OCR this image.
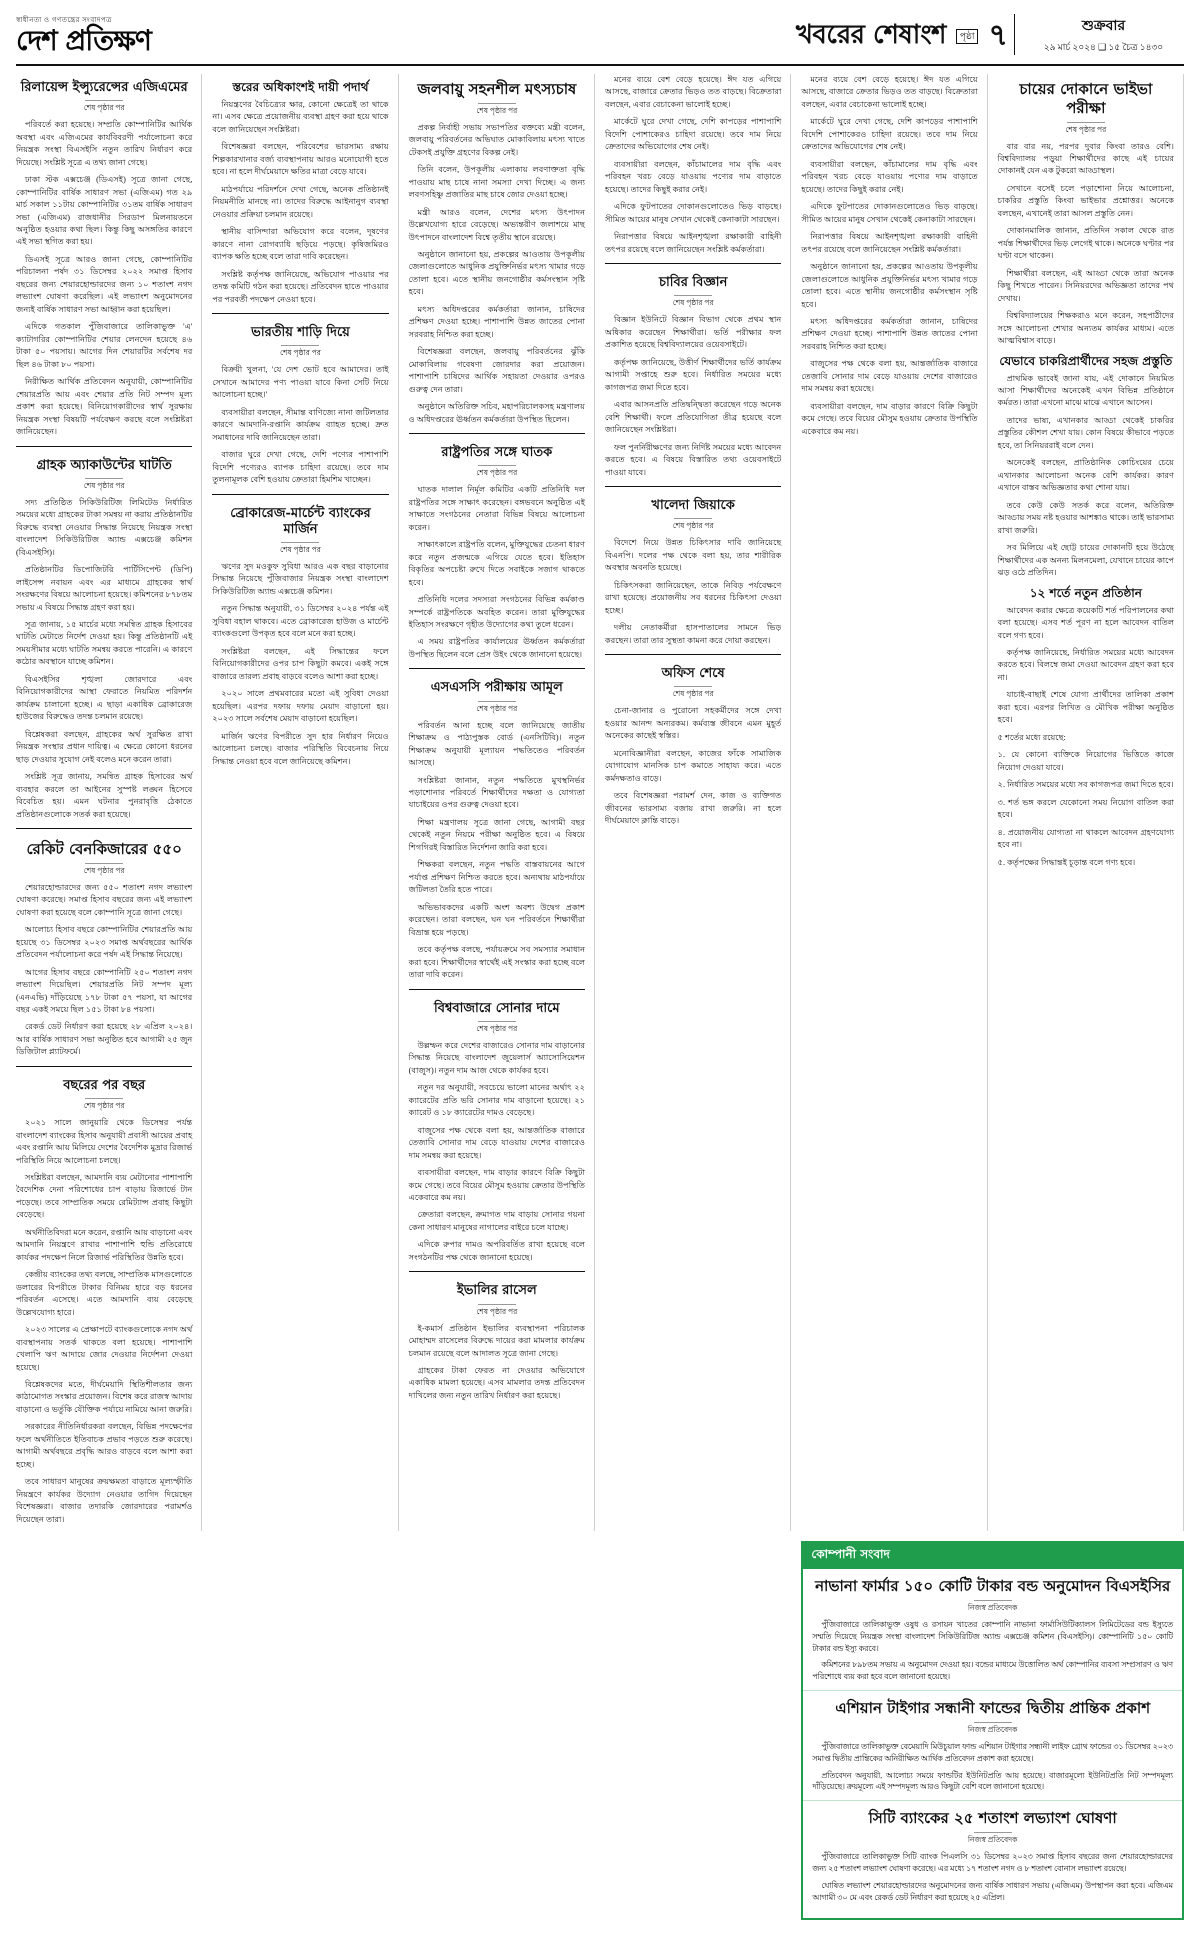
স্বাধীনতা ও গণতন্ত্রের সংবাদপত্র
দেশ প্রতিক্ষণ	খবরের শেষাংশ	পৃষ্ঠা ৭	শুক্রবার
২৯ মার্চ ২০২৪ ❑ ১৫ চৈত্র ১৪৩০
রিলায়েন্স ইন্স্যুরেন্সের এজিএমের
শেষ পৃষ্ঠার পর

পরিবর্তে করা হয়েছে। সম্প্রতি কোম্পানিটির আর্থিক অবস্থা এবং এজিএমের কার্যবিবরণী পর্যালোচনা করে নিয়ন্ত্রক সংস্থা বিএসইসি নতুন তারিখ নির্ধারণ করে দিয়েছে। সংশ্লিষ্ট সূত্রে এ তথ্য জানা গেছে।

ঢাকা স্টক এক্সচেঞ্জ (ডিএসই) সূত্রে জানা গেছে, কোম্পানিটির বার্ষিক সাধারণ সভা (এজিএম) গত ২৯ মার্চ সকাল ১১টায় কোম্পানিটির ৩১তম বার্ষিক সাধারণ সভা (এজিএম) রাজধানীর সিরডাপ মিলনায়তনে অনুষ্ঠিত হওয়ার কথা ছিল। কিন্তু কিছু অসঙ্গতির কারণে এই সভা স্থগিত করা হয়।

ডিএসই সূত্রে আরও জানা গেছে, কোম্পানিটির পরিচালনা পর্ষদ ৩১ ডিসেম্বর ২০২২ সমাপ্ত হিসাব বছরের জন্য শেয়ারহোল্ডারদের জন্য ১০ শতাংশ নগদ লভ্যাংশ ঘোষণা করেছিল। এই লভ্যাংশ অনুমোদনের জন্যই বার্ষিক সাধারণ সভা আহ্বান করা হয়েছিল।

এদিকে গতকাল পুঁজিবাজারে তালিকাভুক্ত 'এ' ক্যাটাগরির কোম্পানিটির শেয়ার লেনদেন হয়েছে ৪৬ টাকা ৫০ পয়সায়। আগের দিন শেয়ারটির সর্বশেষ দর ছিল ৪৬ টাকা ৮০ পয়সা।

নিরীক্ষিত আর্থিক প্রতিবেদন অনুযায়ী, কোম্পানিটির শেয়ারপ্রতি আয় এবং শেয়ার প্রতি নিট সম্পদ মূল্য প্রকাশ করা হয়েছে। বিনিয়োগকারীদের স্বার্থ সুরক্ষায় নিয়ন্ত্রক সংস্থা বিষয়টি পর্যবেক্ষণ করছে বলে সংশ্লিষ্টরা জানিয়েছেন।

গ্রাহক অ্যাকাউন্টের ঘাটতি
শেষ পৃষ্ঠার পর

সদ্য প্রতিষ্ঠিত সিকিউরিটিজ লিমিটেড নির্ধারিত সময়ের মধ্যে গ্রাহকের টাকা সমন্বয় না করায় প্রতিষ্ঠানটির বিরুদ্ধে ব্যবস্থা নেওয়ার সিদ্ধান্ত নিয়েছে নিয়ন্ত্রক সংস্থা বাংলাদেশ সিকিউরিটিজ অ্যান্ড এক্সচেঞ্জ কমিশন (বিএসইসি)।

প্রতিষ্ঠানটির ডিপোজিটরি পার্টিসিপেন্ট (ডিপি) লাইসেন্স নবায়ন এবং এর মাধ্যমে গ্রাহকের স্বার্থ সংরক্ষণের বিষয়ে আলোচনা হয়েছে। কমিশনের ৮৭৮তম সভায় এ বিষয়ে সিদ্ধান্ত গ্রহণ করা হয়।

সূত্র জানায়, ১৫ মার্চের মধ্যে সমন্বিত গ্রাহক হিসাবের ঘাটতি মেটাতে নির্দেশ দেওয়া হয়। কিন্তু প্রতিষ্ঠানটি এই সময়সীমার মধ্যে ঘাটতি সমন্বয় করতে পারেনি। এ কারণে কঠোর অবস্থানে যাচ্ছে কমিশন।

বিএসইসির শৃঙ্খলা জোরদারে এবং বিনিয়োগকারীদের আস্থা ফেরাতে নিয়মিত পরিদর্শন কার্যক্রম চালানো হচ্ছে। এ ছাড়া একাধিক ব্রোকারেজ হাউজের বিরুদ্ধেও তদন্ত চলমান রয়েছে।

বিশ্লেষকরা বলছেন, গ্রাহকের অর্থ সুরক্ষিত রাখা নিয়ন্ত্রক সংস্থার প্রধান দায়িত্ব। এ ক্ষেত্রে কোনো ধরনের ছাড় দেওয়ার সুযোগ নেই বলেও মনে করেন তারা।

সংশ্লিষ্ট সূত্র জানায়, সমন্বিত গ্রাহক হিসাবের অর্থ ব্যবহার করলে তা আইনের সুস্পষ্ট লঙ্ঘন হিসেবে বিবেচিত হয়। এমন ঘটনার পুনরাবৃত্তি ঠেকাতে প্রতিষ্ঠানগুলোকে সতর্ক করা হয়েছে।

রেকিট বেনকিজারের ৫৫০
শেষ পৃষ্ঠার পর

শেয়ারহোল্ডারদের জন্য ৫৫০ শতাংশ নগদ লভ্যাংশ ঘোষণা করেছে। সমাপ্ত হিসাব বছরের জন্য এই লভ্যাংশ ঘোষণা করা হয়েছে বলে কোম্পানি সূত্রে জানা গেছে।

আলোচ্য হিসাব বছরে কোম্পানিটির শেয়ারপ্রতি আয় হয়েছে ৩১ ডিসেম্বর ২০২৩ সমাপ্ত অর্থবছরের আর্থিক প্রতিবেদন পর্যালোচনা করে পর্ষদ এই সিদ্ধান্ত নিয়েছে।

আগের হিসাব বছরে কোম্পানিটি ২৫০ শতাংশ নগদ লভ্যাংশ দিয়েছিল। শেয়ারপ্রতি নিট সম্পদ মূল্য (এনএভি) দাঁড়িয়েছে ১৭৮ টাকা ৫৭ পয়সা, যা আগের বছর একই সময়ে ছিল ১৫১ টাকা ৮৪ পয়সা।

রেকর্ড ডেট নির্ধারণ করা হয়েছে ২৮ এপ্রিল ২০২৪। আর বার্ষিক সাধারণ সভা অনুষ্ঠিত হবে আগামী ২৫ জুন ডিজিটাল প্ল্যাটফর্মে।

বছরের পর বছর
শেষ পৃষ্ঠার পর

২০২১ সালে জানুয়ারি থেকে ডিসেম্বর পর্যন্ত বাংলাদেশ ব্যাংকের হিসাব অনুযায়ী প্রবাসী আয়ের প্রবাহ এবং রপ্তানি আয় মিলিয়ে দেশের বৈদেশিক মুদ্রার রিজার্ভ পরিস্থিতি নিয়ে আলোচনা চলছে।

সংশ্লিষ্টরা বলছেন, আমদানি ব্যয় মেটানোর পাশাপাশি বৈদেশিক দেনা পরিশোধের চাপ বাড়ায় রিজার্ভে টান পড়েছে। তবে সাম্প্রতিক সময়ে রেমিট্যান্স প্রবাহ কিছুটা বেড়েছে।

অর্থনীতিবিদরা মনে করেন, রপ্তানি আয় বাড়ানো এবং আমদানি নিয়ন্ত্রণে রাখার পাশাপাশি হুন্ডি প্রতিরোধে কার্যকর পদক্ষেপ নিলে রিজার্ভ পরিস্থিতির উন্নতি হবে।

কেন্দ্রীয় ব্যাংকের তথ্য বলছে, সাম্প্রতিক মাসগুলোতে ডলারের বিপরীতে টাকার বিনিময় হারে বড় ধরনের পরিবর্তন এসেছে। এতে আমদানি ব্যয় বেড়েছে উল্লেখযোগ্য হারে।

২০২৩ সালের এ প্রেক্ষাপটে ব্যাংকগুলোকে নগদ অর্থ ব্যবস্থাপনায় সতর্ক থাকতে বলা হয়েছে। পাশাপাশি খেলাপি ঋণ আদায়ে জোর দেওয়ার নির্দেশনা দেওয়া হয়েছে।

বিশ্লেষকদের মতে, দীর্ঘমেয়াদি স্থিতিশীলতার জন্য কাঠামোগত সংস্কার প্রয়োজন। বিশেষ করে রাজস্ব আদায় বাড়ানো ও ভর্তুকি যৌক্তিক পর্যায়ে নামিয়ে আনা জরুরি।

সরকারের নীতিনির্ধারকরা বলছেন, বিভিন্ন পদক্ষেপের ফলে অর্থনীতিতে ইতিবাচক প্রভাব পড়তে শুরু করেছে। আগামী অর্থবছরে প্রবৃদ্ধি আরও বাড়বে বলে আশা করা হচ্ছে।

তবে সাধারণ মানুষের ক্রয়ক্ষমতা বাড়াতে মূল্যস্ফীতি নিয়ন্ত্রণে কার্যকর উদ্যোগ নেওয়ার তাগিদ দিয়েছেন বিশেষজ্ঞরা। বাজার তদারকি জোরদারের পরামর্শও দিয়েছেন তারা।

স্তরের অধিকাংশই দায়ী পদার্থ

নিয়ন্ত্রণের বৈচিত্র্যের ক্ষার, কোনো ক্ষেত্রেই তা থাকে না। এসব ক্ষেত্রে প্রয়োজনীয় ব্যবস্থা গ্রহণ করা হয়ে থাকে বলে জানিয়েছেন সংশ্লিষ্টরা।

বিশেষজ্ঞরা বলছেন, পরিবেশের ভারসাম্য রক্ষায় শিল্পকারখানার বর্জ্য ব্যবস্থাপনায় আরও মনোযোগী হতে হবে। না হলে দীর্ঘমেয়াদে ক্ষতির মাত্রা বেড়ে যাবে।

মাঠপর্যায়ে পরিদর্শনে দেখা গেছে, অনেক প্রতিষ্ঠানই নিয়মনীতি মানছে না। তাদের বিরুদ্ধে আইনানুগ ব্যবস্থা নেওয়ার প্রক্রিয়া চলমান রয়েছে।

স্থানীয় বাসিন্দারা অভিযোগ করে বলেন, দূষণের কারণে নানা রোগব্যাধি ছড়িয়ে পড়ছে। কৃষিজমিরও ব্যাপক ক্ষতি হচ্ছে বলে তারা দাবি করেছেন।

সংশ্লিষ্ট কর্তৃপক্ষ জানিয়েছে, অভিযোগ পাওয়ার পর তদন্ত কমিটি গঠন করা হয়েছে। প্রতিবেদন হাতে পাওয়ার পর পরবর্তী পদক্ষেপ নেওয়া হবে।

ভারতীয় শাড়ি দিয়ে
শেষ পৃষ্ঠার পর

বিক্রয়ী খুলনা, 'যে দেশ ভোট হবে আমাদের। তাই সেখানে আমাদের পণ্য পাওয়া যাবে কিনা সেটি নিয়ে আলোচনা হচ্ছে।'

ব্যবসায়ীরা বলছেন, সীমান্ত বাণিজ্যে নানা জটিলতার কারণে আমদানি-রপ্তানি কার্যক্রম ব্যাহত হচ্ছে। দ্রুত সমাধানের দাবি জানিয়েছেন তারা।

বাজার ঘুরে দেখা গেছে, দেশি পণ্যের পাশাপাশি বিদেশি পণ্যেরও ব্যাপক চাহিদা রয়েছে। তবে দাম তুলনামূলক বেশি হওয়ায় ক্রেতারা হিমশিম খাচ্ছেন।

ব্রোকারেজ-মার্চেন্ট ব্যাংকের মার্জিন
শেষ পৃষ্ঠার পর

ঋণের সুদ মওকুফ সুবিধা আরও এক বছর বাড়ানোর সিদ্ধান্ত নিয়েছে পুঁজিবাজার নিয়ন্ত্রক সংস্থা বাংলাদেশ সিকিউরিটিজ অ্যান্ড এক্সচেঞ্জ কমিশন।

নতুন সিদ্ধান্ত অনুযায়ী, ৩১ ডিসেম্বর ২০২৪ পর্যন্ত এই সুবিধা বহাল থাকবে। এতে ব্রোকারেজ হাউজ ও মার্চেন্ট ব্যাংকগুলো উপকৃত হবে বলে মনে করা হচ্ছে।

সংশ্লিষ্টরা বলছেন, এই সিদ্ধান্তের ফলে বিনিয়োগকারীদের ওপর চাপ কিছুটা কমবে। একই সঙ্গে বাজারে তারল্য প্রবাহ বাড়বে বলেও আশা করা হচ্ছে।

২০২০ সালে প্রথমবারের মতো এই সুবিধা দেওয়া হয়েছিল। এরপর দফায় দফায় মেয়াদ বাড়ানো হয়। ২০২৩ সালে সর্বশেষ মেয়াদ বাড়ানো হয়েছিল।

মার্জিন ঋণের বিপরীতে সুদ হার নির্ধারণ নিয়েও আলোচনা চলছে। বাজার পরিস্থিতি বিবেচনায় নিয়ে সিদ্ধান্ত নেওয়া হবে বলে জানিয়েছে কমিশন।

জলবায়ু সহনশীল মৎস্যচাষ
শেষ পৃষ্ঠার পর

প্রকল্প নির্বাহী সভায় সভাপতির বক্তব্যে মন্ত্রী বলেন, জলবায়ু পরিবর্তনের অভিঘাত মোকাবিলায় মৎস্য খাতে টেকসই প্রযুক্তি গ্রহণের বিকল্প নেই।

তিনি বলেন, উপকূলীয় এলাকায় লবণাক্ততা বৃদ্ধি পাওয়ায় মাছ চাষে নানা সমস্যা দেখা দিচ্ছে। এ জন্য লবণসহিষ্ণু প্রজাতির মাছ চাষে জোর দেওয়া হচ্ছে।

মন্ত্রী আরও বলেন, দেশের মৎস্য উৎপাদন উল্লেখযোগ্য হারে বেড়েছে। অভ্যন্তরীণ জলাশয়ে মাছ উৎপাদনে বাংলাদেশ বিশ্বে তৃতীয় স্থানে রয়েছে।

অনুষ্ঠানে জানানো হয়, প্রকল্পের আওতায় উপকূলীয় জেলাগুলোতে আধুনিক প্রযুক্তিনির্ভর মৎস্য খামার গড়ে তোলা হবে। এতে স্থানীয় জনগোষ্ঠীর কর্মসংস্থান সৃষ্টি হবে।

মৎস্য অধিদপ্তরের কর্মকর্তারা জানান, চাষিদের প্রশিক্ষণ দেওয়া হচ্ছে। পাশাপাশি উন্নত জাতের পোনা সরবরাহ নিশ্চিত করা হচ্ছে।

বিশেষজ্ঞরা বলছেন, জলবায়ু পরিবর্তনের ঝুঁকি মোকাবিলায় গবেষণা জোরদার করা প্রয়োজন। পাশাপাশি চাষিদের আর্থিক সহায়তা দেওয়ার ওপরও গুরুত্ব দেন তারা।

অনুষ্ঠানে অতিরিক্ত সচিব, মহাপরিচালকসহ মন্ত্রণালয় ও অধিদপ্তরের ঊর্ধ্বতন কর্মকর্তারা উপস্থিত ছিলেন।

রাষ্ট্রপতির সঙ্গে ঘাতক
শেষ পৃষ্ঠার পর

ঘাতক দালাল নির্মূল কমিটির একটি প্রতিনিধি দল রাষ্ট্রপতির সঙ্গে সাক্ষাৎ করেছেন। বঙ্গভবনে অনুষ্ঠিত এই সাক্ষাতে সংগঠনের নেতারা বিভিন্ন বিষয়ে আলোচনা করেন।

সাক্ষাৎকালে রাষ্ট্রপতি বলেন, মুক্তিযুদ্ধের চেতনা ধারণ করে নতুন প্রজন্মকে এগিয়ে যেতে হবে। ইতিহাস বিকৃতির অপচেষ্টা রুখে দিতে সবাইকে সজাগ থাকতে হবে।

প্রতিনিধি দলের সদস্যরা সংগঠনের বিভিন্ন কর্মকাণ্ড সম্পর্কে রাষ্ট্রপতিকে অবহিত করেন। তারা মুক্তিযুদ্ধের ইতিহাস সংরক্ষণে গৃহীত উদ্যোগের কথা তুলে ধরেন।

এ সময় রাষ্ট্রপতির কার্যালয়ের ঊর্ধ্বতন কর্মকর্তারা উপস্থিত ছিলেন বলে প্রেস উইং থেকে জানানো হয়েছে।

এসএসসি পরীক্ষায় আমূল
শেষ পৃষ্ঠার পর

পরিবর্তন আনা হচ্ছে বলে জানিয়েছে জাতীয় শিক্ষাক্রম ও পাঠ্যপুস্তক বোর্ড (এনসিটিবি)। নতুন শিক্ষাক্রম অনুযায়ী মূল্যায়ন পদ্ধতিতেও পরিবর্তন আসছে।

সংশ্লিষ্টরা জানান, নতুন পদ্ধতিতে মুখস্থনির্ভর পড়াশোনার পরিবর্তে শিক্ষার্থীদের দক্ষতা ও যোগ্যতা যাচাইয়ের ওপর গুরুত্ব দেওয়া হবে।

শিক্ষা মন্ত্রণালয় সূত্রে জানা গেছে, আগামী বছর থেকেই নতুন নিয়মে পরীক্ষা অনুষ্ঠিত হবে। এ বিষয়ে শিগগিরই বিস্তারিত নির্দেশনা জারি করা হবে।

শিক্ষকরা বলছেন, নতুন পদ্ধতি বাস্তবায়নের আগে পর্যাপ্ত প্রশিক্ষণ নিশ্চিত করতে হবে। অন্যথায় মাঠপর্যায়ে জটিলতা তৈরি হতে পারে।

অভিভাবকদের একটি অংশ অবশ্য উদ্বেগ প্রকাশ করেছেন। তারা বলছেন, ঘন ঘন পরিবর্তনে শিক্ষার্থীরা বিভ্রান্ত হয়ে পড়ছে।

তবে কর্তৃপক্ষ বলছে, পর্যায়ক্রমে সব সমস্যার সমাধান করা হবে। শিক্ষার্থীদের স্বার্থেই এই সংস্কার করা হচ্ছে বলে তারা দাবি করেন।

বিশ্ববাজারে সোনার দামে
শেষ পৃষ্ঠার পর

উল্লম্ফন করে দেশের বাজারেও সোনার দাম বাড়ানোর সিদ্ধান্ত নিয়েছে বাংলাদেশ জুয়েলার্স অ্যাসোসিয়েশন (বাজুস)। নতুন দাম আজ থেকে কার্যকর হবে।

নতুন দর অনুযায়ী, সবচেয়ে ভালো মানের অর্থাৎ ২২ ক্যারেটের প্রতি ভরি সোনার দাম বাড়ানো হয়েছে। ২১ ক্যারেট ও ১৮ ক্যারেটের দামও বেড়েছে।

বাজুসের পক্ষ থেকে বলা হয়, আন্তর্জাতিক বাজারে তেজাবি সোনার দাম বেড়ে যাওয়ায় দেশের বাজারেও দাম সমন্বয় করা হয়েছে।

ব্যবসায়ীরা বলছেন, দাম বাড়ার কারণে বিক্রি কিছুটা কমে গেছে। তবে বিয়ের মৌসুম হওয়ায় ক্রেতার উপস্থিতি একেবারে কম নয়।

ক্রেতারা বলছেন, ক্রমাগত দাম বাড়ায় সোনার গয়না কেনা সাধারণ মানুষের নাগালের বাইরে চলে যাচ্ছে।

এদিকে রুপার দামও অপরিবর্তিত রাখা হয়েছে বলে সংগঠনটির পক্ষ থেকে জানানো হয়েছে।

ইভালির রাসেল
শেষ পৃষ্ঠার পর

ই-কমার্স প্রতিষ্ঠান ইভালির ব্যবস্থাপনা পরিচালক মোহাম্মদ রাসেলের বিরুদ্ধে দায়ের করা মামলার কার্যক্রম চলমান রয়েছে বলে আদালত সূত্রে জানা গেছে।

গ্রাহকের টাকা ফেরত না দেওয়ার অভিযোগে একাধিক মামলা হয়েছে। এসব মামলার তদন্ত প্রতিবেদন দাখিলের জন্য নতুন তারিখ নির্ধারণ করা হয়েছে।

মনের ব্যয়ে বেশ বেড়ে হয়েছে। ঈদ যত এগিয়ে আসছে, বাজারে ক্রেতার ভিড়ও তত বাড়ছে। বিক্রেতারা বলছেন, এবার বেচাকেনা ভালোই হচ্ছে।

মার্কেটে ঘুরে দেখা গেছে, দেশি কাপড়ের পাশাপাশি বিদেশি পোশাকেরও চাহিদা রয়েছে। তবে দাম নিয়ে ক্রেতাদের অভিযোগের শেষ নেই।

ব্যবসায়ীরা বলছেন, কাঁচামালের দাম বৃদ্ধি এবং পরিবহন খরচ বেড়ে যাওয়ায় পণ্যের দাম বাড়াতে হয়েছে। তাদের কিছুই করার নেই।

এদিকে ফুটপাতের দোকানগুলোতেও ভিড় বাড়ছে। সীমিত আয়ের মানুষ সেখান থেকেই কেনাকাটা সারছেন।

নিরাপত্তার বিষয়ে আইনশৃঙ্খলা রক্ষাকারী বাহিনী তৎপর রয়েছে বলে জানিয়েছেন সংশ্লিষ্ট কর্মকর্তারা।

চাবির বিজ্ঞান
শেষ পৃষ্ঠার পর

বিজ্ঞান ইউনিটে বিজ্ঞান বিভাগ থেকে প্রথম স্থান অধিকার করেছেন শিক্ষার্থীরা। ভর্তি পরীক্ষার ফল প্রকাশিত হয়েছে বিশ্ববিদ্যালয়ের ওয়েবসাইটে।

কর্তৃপক্ষ জানিয়েছে, উত্তীর্ণ শিক্ষার্থীদের ভর্তি কার্যক্রম আগামী সপ্তাহে শুরু হবে। নির্ধারিত সময়ের মধ্যে কাগজপত্র জমা দিতে হবে।

এবার আসনপ্রতি প্রতিদ্বন্দ্বিতা করেছেন গড়ে অনেক বেশি শিক্ষার্থী। ফলে প্রতিযোগিতা তীব্র হয়েছে বলে জানিয়েছেন সংশ্লিষ্টরা।

ফল পুনর্নিরীক্ষণের জন্য নির্দিষ্ট সময়ের মধ্যে আবেদন করতে হবে। এ বিষয়ে বিস্তারিত তথ্য ওয়েবসাইটে পাওয়া যাবে।

খালেদা জিয়াকে
শেষ পৃষ্ঠার পর

বিদেশে নিয়ে উন্নত চিকিৎসার দাবি জানিয়েছে বিএনপি। দলের পক্ষ থেকে বলা হয়, তার শারীরিক অবস্থার অবনতি হয়েছে।

চিকিৎসকরা জানিয়েছেন, তাকে নিবিড় পর্যবেক্ষণে রাখা হয়েছে। প্রয়োজনীয় সব ধরনের চিকিৎসা দেওয়া হচ্ছে।

দলীয় নেতাকর্মীরা হাসপাতালের সামনে ভিড় করছেন। তারা তার সুস্থতা কামনা করে দোয়া করছেন।

অফিস শেষে
শেষ পৃষ্ঠার পর

চেনা-জানার ও পুরোনো সহকর্মীদের সঙ্গে দেখা হওয়ার আনন্দ অন্যরকম। কর্মব্যস্ত জীবনে এমন মুহূর্ত অনেকের কাছেই স্বস্তির।

মনোবিজ্ঞানীরা বলছেন, কাজের ফাঁকে সামাজিক যোগাযোগ মানসিক চাপ কমাতে সাহায্য করে। এতে কর্মদক্ষতাও বাড়ে।

তবে বিশেষজ্ঞরা পরামর্শ দেন, কাজ ও ব্যক্তিগত জীবনের ভারসাম্য বজায় রাখা জরুরি। না হলে দীর্ঘমেয়াদে ক্লান্তি বাড়ে।

মনের ব্যয়ে বেশ বেড়ে হয়েছে। ঈদ যত এগিয়ে আসছে, বাজারে ক্রেতার ভিড়ও তত বাড়ছে। বিক্রেতারা বলছেন, এবার বেচাকেনা ভালোই হচ্ছে।

মার্কেটে ঘুরে দেখা গেছে, দেশি কাপড়ের পাশাপাশি বিদেশি পোশাকেরও চাহিদা রয়েছে। তবে দাম নিয়ে ক্রেতাদের অভিযোগের শেষ নেই।

ব্যবসায়ীরা বলছেন, কাঁচামালের দাম বৃদ্ধি এবং পরিবহন খরচ বেড়ে যাওয়ায় পণ্যের দাম বাড়াতে হয়েছে। তাদের কিছুই করার নেই।

এদিকে ফুটপাতের দোকানগুলোতেও ভিড় বাড়ছে। সীমিত আয়ের মানুষ সেখান থেকেই কেনাকাটা সারছেন।

নিরাপত্তার বিষয়ে আইনশৃঙ্খলা রক্ষাকারী বাহিনী তৎপর রয়েছে বলে জানিয়েছেন সংশ্লিষ্ট কর্মকর্তারা।

অনুষ্ঠানে জানানো হয়, প্রকল্পের আওতায় উপকূলীয় জেলাগুলোতে আধুনিক প্রযুক্তিনির্ভর মৎস্য খামার গড়ে তোলা হবে। এতে স্থানীয় জনগোষ্ঠীর কর্মসংস্থান সৃষ্টি হবে।

মৎস্য অধিদপ্তরের কর্মকর্তারা জানান, চাষিদের প্রশিক্ষণ দেওয়া হচ্ছে। পাশাপাশি উন্নত জাতের পোনা সরবরাহ নিশ্চিত করা হচ্ছে।

বাজুসের পক্ষ থেকে বলা হয়, আন্তর্জাতিক বাজারে তেজাবি সোনার দাম বেড়ে যাওয়ায় দেশের বাজারেও দাম সমন্বয় করা হয়েছে।

ব্যবসায়ীরা বলছেন, দাম বাড়ার কারণে বিক্রি কিছুটা কমে গেছে। তবে বিয়ের মৌসুম হওয়ায় ক্রেতার উপস্থিতি একেবারে কম নয়।

চায়ের দোকানে ভাইভা পরীক্ষা
শেষ পৃষ্ঠার পর

বার বার নয়, পরপর দুবার কিংবা তারও বেশি। বিশ্ববিদ্যালয় পড়ুয়া শিক্ষার্থীদের কাছে এই চায়ের দোকানই যেন এক টুকরো আড্ডাস্থল।

সেখানে বসেই চলে পড়াশোনা নিয়ে আলোচনা, চাকরির প্রস্তুতি কিংবা ভাইভার প্রশ্নোত্তর। অনেকে বলছেন, এখানেই তারা আসল প্রস্তুতি নেন।

দোকানমালিক জানান, প্রতিদিন সকাল থেকে রাত পর্যন্ত শিক্ষার্থীদের ভিড় লেগেই থাকে। অনেকে ঘণ্টার পর ঘণ্টা বসে থাকেন।

শিক্ষার্থীরা বলছেন, এই আড্ডা থেকে তারা অনেক কিছু শিখতে পারেন। সিনিয়রদের অভিজ্ঞতা তাদের পথ দেখায়।

বিশ্ববিদ্যালয়ের শিক্ষকরাও মনে করেন, সহপাঠীদের সঙ্গে আলোচনা শেখার অন্যতম কার্যকর মাধ্যম। এতে আত্মবিশ্বাস বাড়ে।

যেভাবে চাকরিপ্রার্থীদের সহজ প্রস্তুতি

প্রাথমিক ভাবেই জানা যায়, এই দোকানে নিয়মিত আসা শিক্ষার্থীদের অনেকেই এখন বিভিন্ন প্রতিষ্ঠানে কর্মরত। তারা এখনো মাঝে মাঝে এখানে আসেন।

তাদের ভাষ্য, এখানকার আড্ডা থেকেই চাকরির প্রস্তুতির কৌশল শেখা যায়। কোন বিষয়ে কীভাবে পড়তে হবে, তা সিনিয়ররাই বলে দেন।

অনেকেই বলছেন, প্রাতিষ্ঠানিক কোচিংয়ের চেয়ে এখানকার আলোচনা অনেক বেশি কার্যকর। কারণ এখানে বাস্তব অভিজ্ঞতার কথা শোনা যায়।

তবে কেউ কেউ সতর্ক করে বলেন, অতিরিক্ত আড্ডায় সময় নষ্ট হওয়ার আশঙ্কাও থাকে। তাই ভারসাম্য রাখা জরুরি।

সব মিলিয়ে এই ছোট্ট চায়ের দোকানটি হয়ে উঠেছে শিক্ষার্থীদের এক অনন্য মিলনমেলা, যেখানে চায়ের কাপে ঝড় ওঠে প্রতিদিন।

১২ শর্তে নতুন প্রতিষ্ঠান

আবেদন করার ক্ষেত্রে কয়েকটি শর্ত পরিপালনের কথা বলা হয়েছে। এসব শর্ত পূরণ না হলে আবেদন বাতিল বলে গণ্য হবে।

কর্তৃপক্ষ জানিয়েছে, নির্ধারিত সময়ের মধ্যে আবেদন করতে হবে। বিলম্বে জমা দেওয়া আবেদন গ্রহণ করা হবে না।

যাচাই-বাছাই শেষে যোগ্য প্রার্থীদের তালিকা প্রকাশ করা হবে। এরপর লিখিত ও মৌখিক পরীক্ষা অনুষ্ঠিত হবে।

৫ শর্তের মধ্যে রয়েছে:

১. যে কোনো ব্যক্তিকে নিয়োগের ভিত্তিতে কাজে নিয়োগ দেওয়া যাবে।

২. নির্ধারিত সময়ের মধ্যে সব কাগজপত্র জমা দিতে হবে।

৩. শর্ত ভঙ্গ করলে যেকোনো সময় নিয়োগ বাতিল করা হবে।

৪. প্রয়োজনীয় যোগ্যতা না থাকলে আবেদন গ্রহণযোগ্য হবে না।

৫. কর্তৃপক্ষের সিদ্ধান্তই চূড়ান্ত বলে গণ্য হবে।

কোম্পানী সংবাদ
নাভানা ফার্মার ১৫০ কোটি টাকার বন্ড অনুমোদন বিএসইসির
নিজস্ব প্রতিবেদক

পুঁজিবাজারে তালিকাভুক্ত ওষুধ ও রসায়ন খাতের কোম্পানি নাভানা ফার্মাসিউটিক্যালস লিমিটেডের বন্ড ইস্যুতে সম্মতি দিয়েছে নিয়ন্ত্রক সংস্থা বাংলাদেশ সিকিউরিটিজ অ্যান্ড এক্সচেঞ্জ কমিশন (বিএসইসি)। কোম্পানিটি ১৫০ কোটি টাকার বন্ড ইস্যু করবে।

কমিশনের ৮৯৮তম সভায় এ অনুমোদন দেওয়া হয়। বন্ডের মাধ্যমে উত্তোলিত অর্থ কোম্পানির ব্যবসা সম্প্রসারণ ও ঋণ পরিশোধে ব্যয় করা হবে বলে জানানো হয়েছে।

এশিয়ান টাইগার সন্ধানী ফান্ডের দ্বিতীয় প্রান্তিক প্রকাশ
নিজস্ব প্রতিবেদক

পুঁজিবাজারে তালিকাভুক্ত বেমেয়াদি মিউচুয়াল ফান্ড এশিয়ান টাইগার সন্ধানী লাইফ গ্রোথ ফান্ডের ৩১ ডিসেম্বর ২০২৩ সমাপ্ত দ্বিতীয় প্রান্তিকের অনিরীক্ষিত আর্থিক প্রতিবেদন প্রকাশ করা হয়েছে।

প্রতিবেদন অনুযায়ী, আলোচ্য সময়ে ফান্ডটির ইউনিটপ্রতি আয় হয়েছে। বাজারমূল্যে ইউনিটপ্রতি নিট সম্পদমূল্য দাঁড়িয়েছে। ক্রয়মূল্যে এই সম্পদমূল্য আরও কিছুটা বেশি বলে জানানো হয়েছে।

সিটি ব্যাংকের ২৫ শতাংশ লভ্যাংশ ঘোষণা
নিজস্ব প্রতিবেদক

পুঁজিবাজারে তালিকাভুক্ত সিটি ব্যাংক পিএলসি ৩১ ডিসেম্বর ২০২৩ সমাপ্ত হিসাব বছরের জন্য শেয়ারহোল্ডারদের জন্য ২৫ শতাংশ লভ্যাংশ ঘোষণা করেছে। এর মধ্যে ১৭ শতাংশ নগদ ও ৮ শতাংশ বোনাস লভ্যাংশ রয়েছে।

ঘোষিত লভ্যাংশ শেয়ারহোল্ডারদের অনুমোদনের জন্য বার্ষিক সাধারণ সভায় (এজিএম) উপস্থাপন করা হবে। এজিএম আগামী ৩০ মে এবং রেকর্ড ডেট নির্ধারণ করা হয়েছে ২৫ এপ্রিল।
